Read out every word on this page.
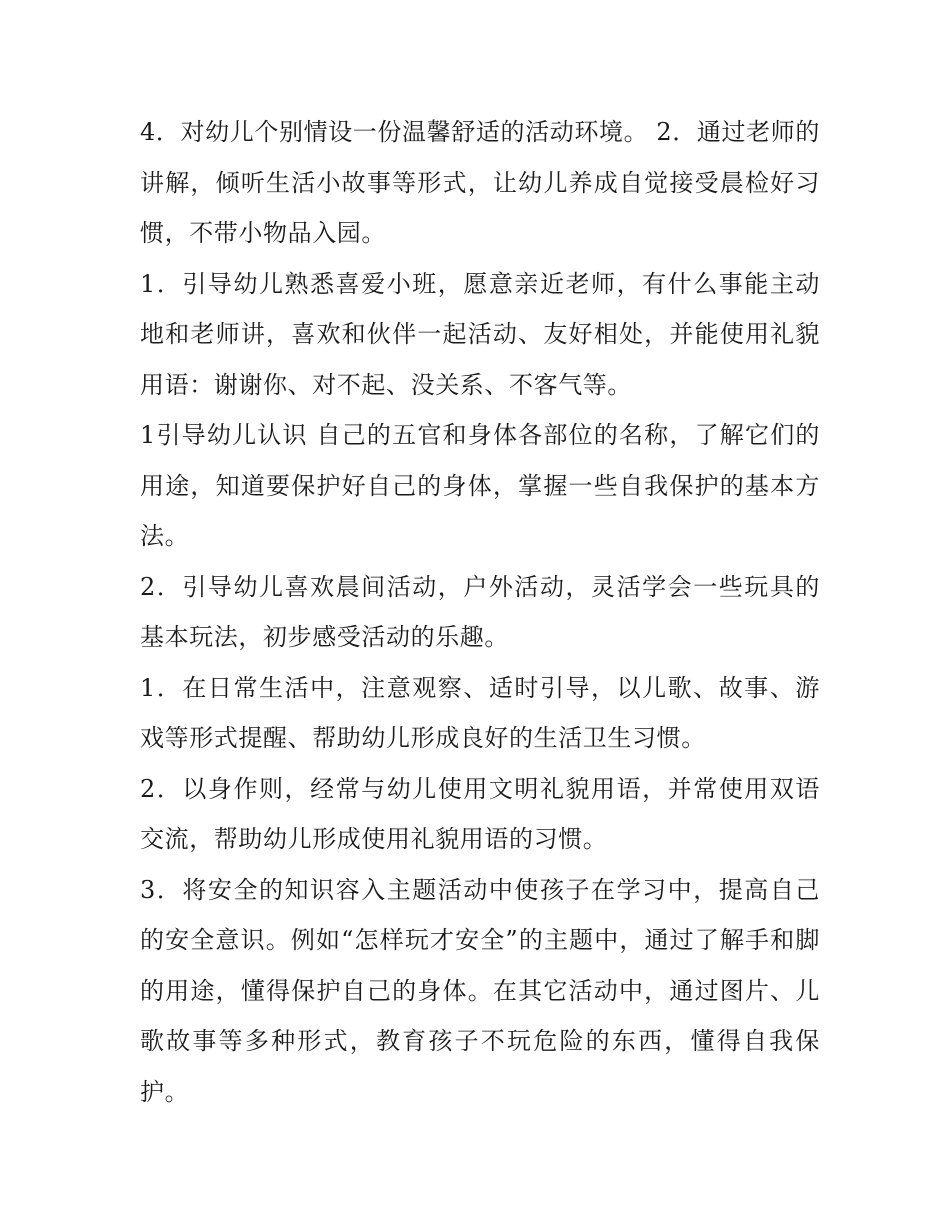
4．对幼儿个别情设一份温馨舒适的活动环境。 2．通过老师的讲解，倾听生活小故事等形式，让幼儿养成自觉接受晨检好习惯，不带小物品入园。

1．引导幼儿熟悉喜爱小班，愿意亲近老师，有什么事能主动地和老师讲，喜欢和伙伴一起活动、友好相处，并能使用礼貌用语：谢谢你、对不起、没关系、不客气等。

1引导幼儿认识 自己的五官和身体各部位的名称，了解它们的用途，知道要保护好自己的身体，掌握一些自我保护的基本方法。

2．引导幼儿喜欢晨间活动，户外活动，灵活学会一些玩具的基本玩法，初步感受活动的乐趣。

1．在日常生活中，注意观察、适时引导，以儿歌、故事、游戏等形式提醒、帮助幼儿形成良好的生活卫生习惯。

2．以身作则，经常与幼儿使用文明礼貌用语，并常使用双语交流，帮助幼儿形成使用礼貌用语的习惯。

3．将安全的知识容入主题活动中使孩子在学习中，提高自己的安全意识。例如“怎样玩才安全”的主题中，通过了解手和脚的用途，懂得保护自己的身体。在其它活动中，通过图片、儿歌故事等多种形式，教育孩子不玩危险的东西，懂得自我保护。
